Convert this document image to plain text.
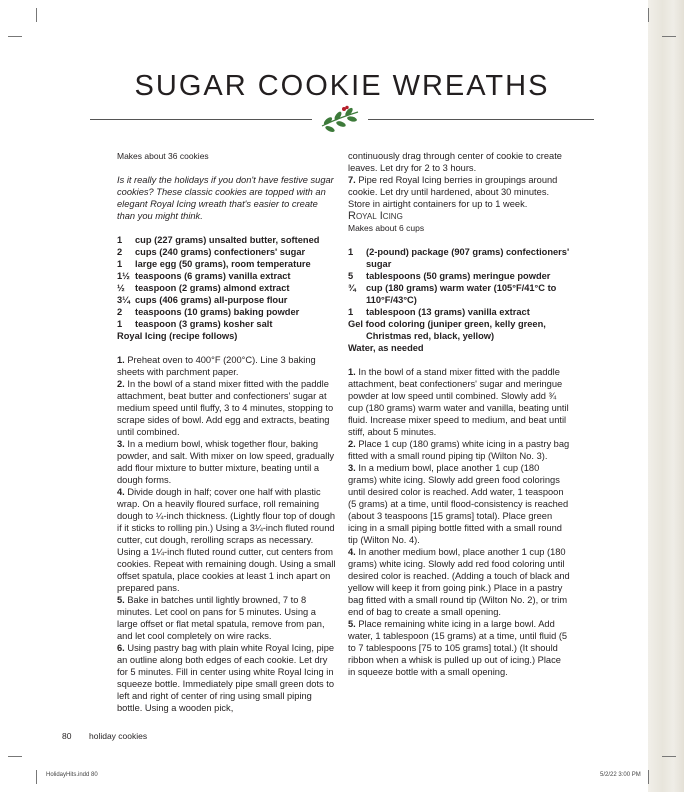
SUGAR COOKIE WREATHS

Makes about 36 cookies

Is it really the holidays if you don't have festive sugar cookies? These classic cookies are topped with an elegant Royal Icing wreath that's easier to create than you might think.

1	cup (227 grams) unsalted butter, softened
2	cups (240 grams) confectioners' sugar
1	large egg (50 grams), room temperature
1½ teaspoons (6 grams) vanilla extract
½	teaspoon (2 grams) almond extract
3¼ cups (406 grams) all-purpose flour
2	teaspoons (10 grams) baking powder
1	teaspoon (3 grams) kosher salt

Royal Icing (recipe follows)

1. Preheat oven to 400°F (200°C). Line 3 baking sheets with parchment paper.

2. In the bowl of a stand mixer fitted with the paddle attachment, beat butter and confectioners' sugar at medium speed until fluffy, 3 to 4 minutes, stopping to scrape sides of bowl. Add egg and extracts, beating until combined.

3. In a medium bowl, whisk together flour, baking powder, and salt. With mixer on low speed, gradually add flour mixture to butter mixture, beating until a dough forms.

4. Divide dough in half; cover one half with plastic wrap. On a heavily floured surface, roll remaining dough to ¼-inch thickness. (Lightly flour top of dough if it sticks to rolling pin.) Using a 3¼-inch fluted round cutter, cut dough, rerolling scraps as necessary. Using a 1¼-inch fluted round cutter, cut centers from cookies. Repeat with remaining dough. Using a small offset spatula, place cookies at least 1 inch apart on prepared pans.

5. Bake in batches until lightly browned, 7 to 8 minutes. Let cool on pans for 5 minutes. Using a large offset or flat metal spatula, remove from pan, and let cool completely on wire racks.

6. Using pastry bag with plain white Royal Icing, pipe an outline along both edges of each cookie. Let dry for 5 minutes. Fill in center using white Royal Icing in squeeze bottle. Immediately pipe small green dots to left and right of center of ring using small piping bottle. Using a wooden pick,

continuously drag through center of cookie to create leaves. Let dry for 2 to 3 hours.

7. Pipe red Royal Icing berries in groupings around cookie. Let dry until hardened, about 30 minutes. Store in airtight containers for up to 1 week.

Royal Icing

Makes about 6 cups

1	(2-pound) package (907 grams) confectioners' sugar
5	tablespoons (50 grams) meringue powder
¾	cup (180 grams) warm water (105°F/41°C to 110°F/43°C)
1	tablespoon (13 grams) vanilla extract

Gel food coloring (juniper green, kelly green, Christmas red, black, yellow)

Water, as needed

1. In the bowl of a stand mixer fitted with the paddle attachment, beat confectioners' sugar and meringue powder at low speed until combined. Slowly add ¾ cup (180 grams) warm water and vanilla, beating until fluid. Increase mixer speed to medium, and beat until stiff, about 5 minutes.

2. Place 1 cup (180 grams) white icing in a pastry bag fitted with a small round piping tip (Wilton No. 3).

3. In a medium bowl, place another 1 cup (180 grams) white icing. Slowly add green food colorings until desired color is reached. Add water, 1 teaspoon (5 grams) at a time, until flood-consistency is reached (about 3 teaspoons [15 grams] total). Place green icing in a small piping bottle fitted with a small round tip (Wilton No. 4).

4. In another medium bowl, place another 1 cup (180 grams) white icing. Slowly add red food coloring until desired color is reached. (Adding a touch of black and yellow will keep it from going pink.) Place in a pastry bag fitted with a small round tip (Wilton No. 2), or trim end of bag to create a small opening.

5. Place remaining white icing in a large bowl. Add water, 1 tablespoon (15 grams) at a time, until fluid (5 to 7 tablespoons [75 to 105 grams] total.) (It should ribbon when a whisk is pulled up out of icing.) Place in squeeze bottle with a small opening.

80 holiday cookies
HolidayHits.indd 80	5/2/22 3:00 PM
